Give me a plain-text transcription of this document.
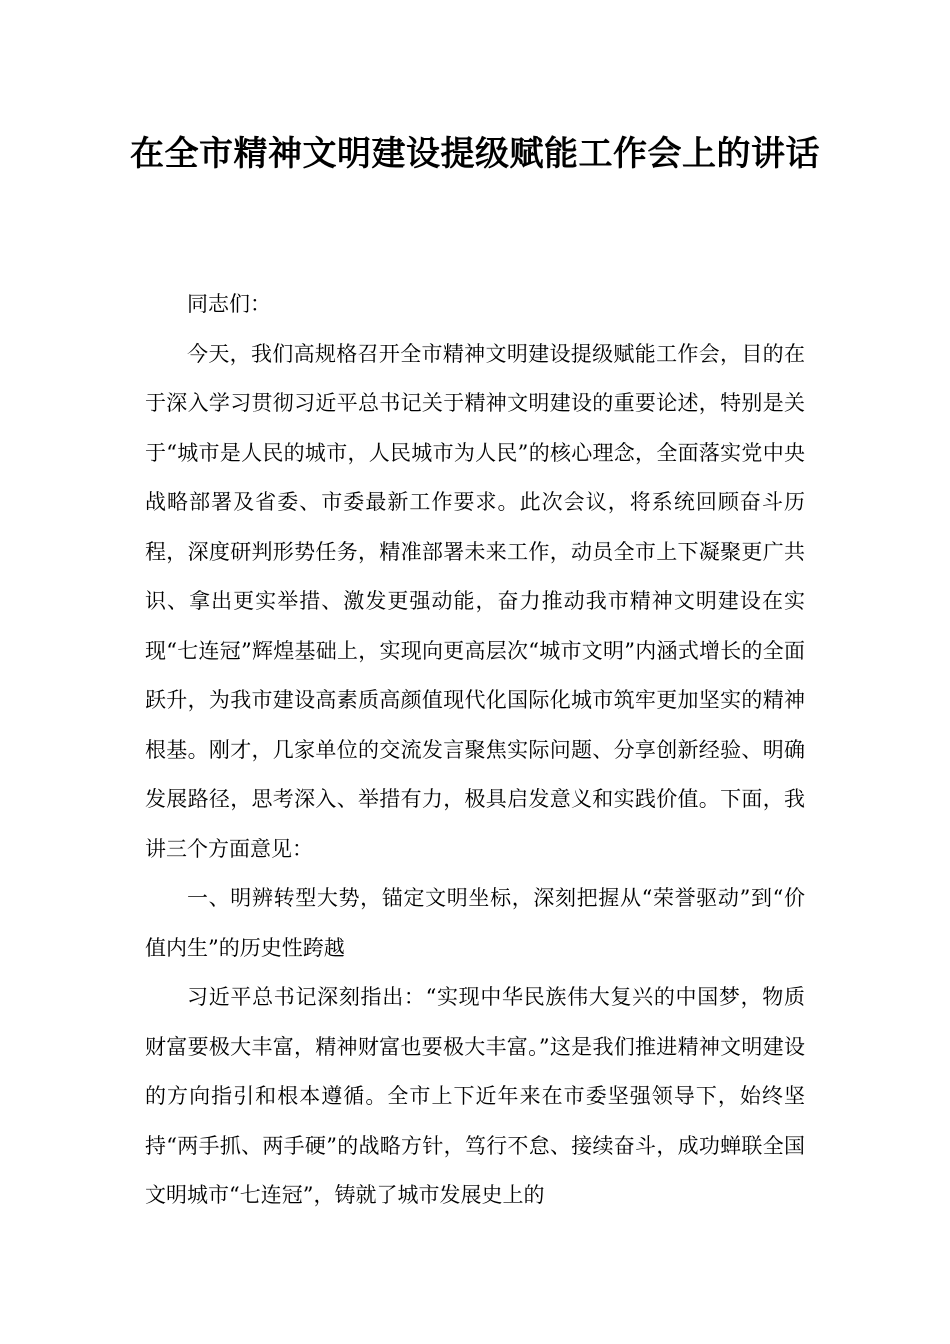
在全市精神文明建设提级赋能工作会上的讲话

同志们：

今天，我们高规格召开全市精神文明建设提级赋能工作会，目的在于深入学习贯彻习近平总书记关于精神文明建设的重要论述，特别是关于“城市是人民的城市，人民城市为人民”的核心理念，全面落实党中央战略部署及省委、市委最新工作要求。此次会议，将系统回顾奋斗历程，深度研判形势任务，精准部署未来工作，动员全市上下凝聚更广共识、拿出更实举措、激发更强动能，奋力推动我市精神文明建设在实现“七连冠”辉煌基础上，实现向更高层次“城市文明”内涵式增长的全面跃升，为我市建设高素质高颜值现代化国际化城市筑牢更加坚实的精神根基。刚才，几家单位的交流发言聚焦实际问题、分享创新经验、明确发展路径，思考深入、举措有力，极具启发意义和实践价值。下面，我讲三个方面意见：

一、明辨转型大势，锚定文明坐标，深刻把握从“荣誉驱动”到“价值内生”的历史性跨越

习近平总书记深刻指出：“实现中华民族伟大复兴的中国梦，物质财富要极大丰富，精神财富也要极大丰富。”这是我们推进精神文明建设的方向指引和根本遵循。全市上下近年来在市委坚强领导下，始终坚持“两手抓、两手硬”的战略方针，笃行不怠、接续奋斗，成功蝉联全国文明城市“七连冠”，铸就了城市发展史上的
